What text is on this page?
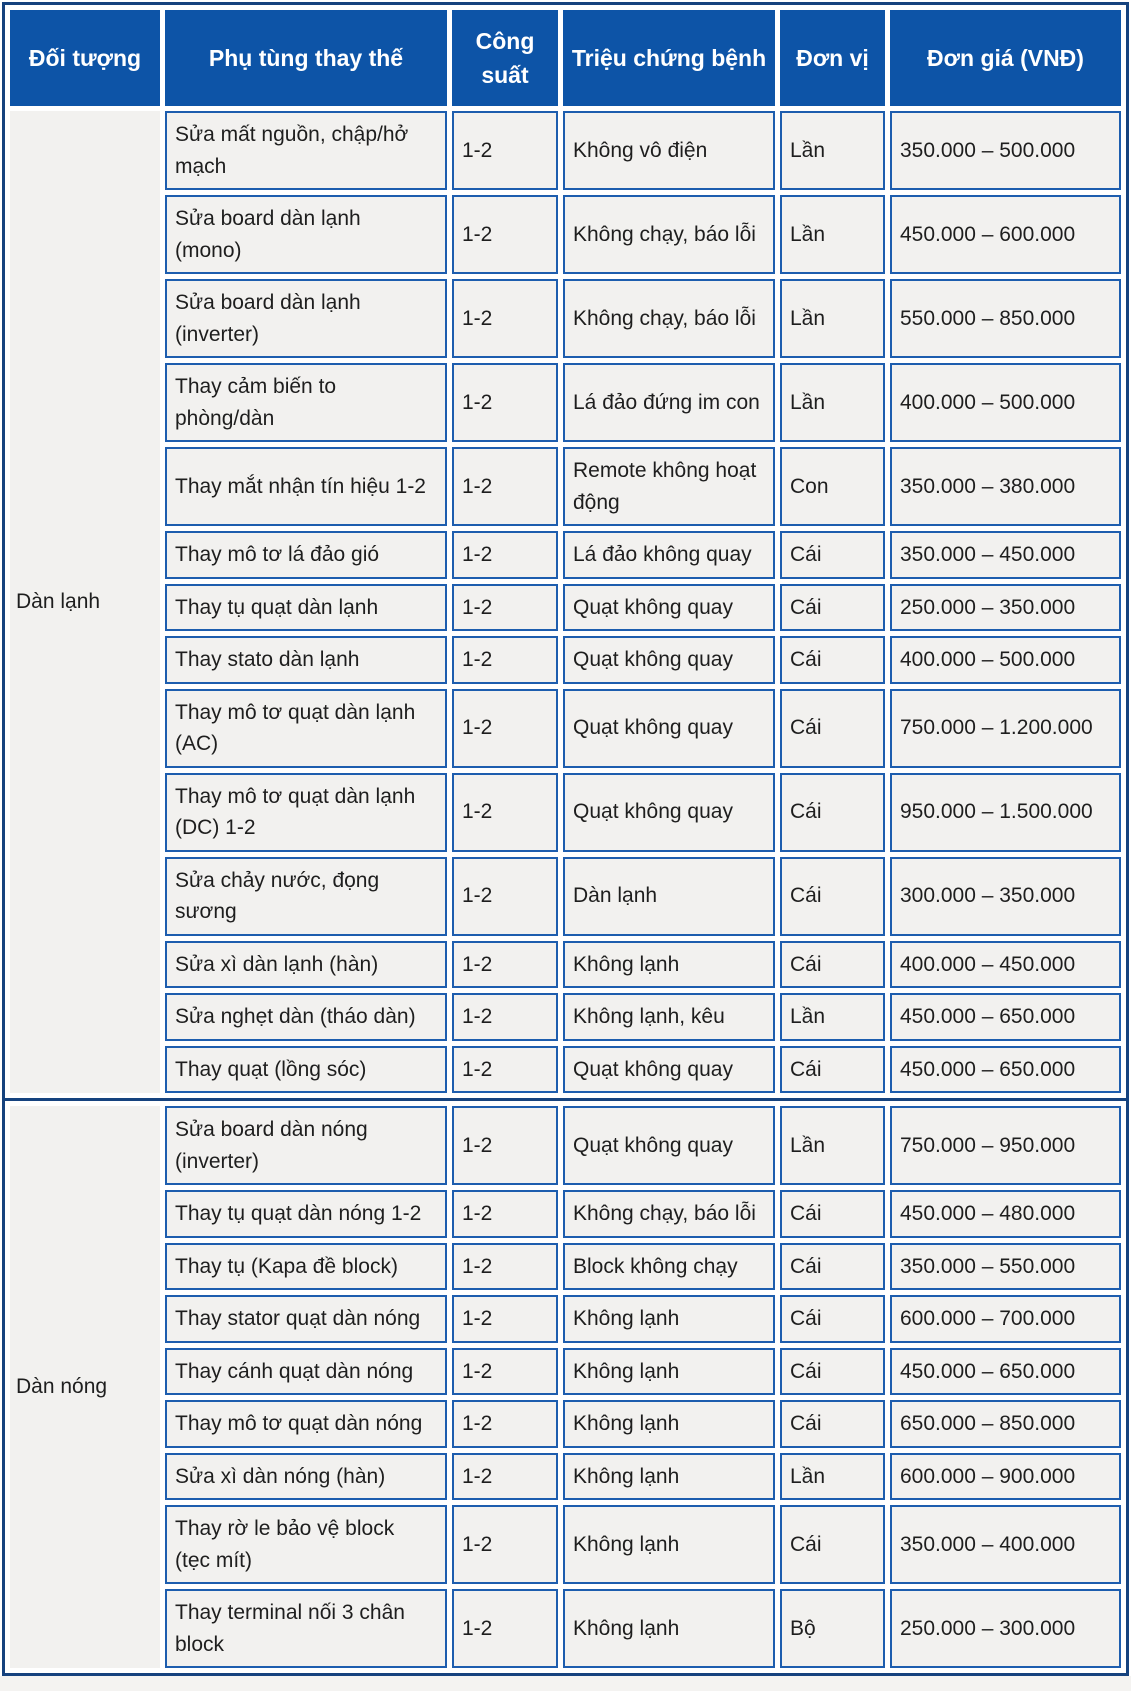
Đối tượng	Phụ tùng thay thế	Công suất	Triệu chứng bệnh	Đơn vị	Đơn giá (VNĐ)
Dàn lạnh	Sửa mất nguồn, chập/hở mạch	1-2	Không vô điện	Lần	350.000 – 500.000
	Sửa board dàn lạnh (mono)	1-2	Không chạy, báo lỗi	Lần	450.000 – 600.000
	Sửa board dàn lạnh (inverter)	1-2	Không chạy, báo lỗi	Lần	550.000 – 850.000
	Thay cảm biến to phòng/dàn	1-2	Lá đảo đứng im con	Lần	400.000 – 500.000
	Thay mắt nhận tín hiệu 1-2	1-2	Remote không hoạt động	Con	350.000 – 380.000
	Thay mô tơ lá đảo gió	1-2	Lá đảo không quay	Cái	350.000 – 450.000
	Thay tụ quạt dàn lạnh	1-2	Quạt không quay	Cái	250.000 – 350.000
	Thay stato dàn lạnh	1-2	Quạt không quay	Cái	400.000 – 500.000
	Thay mô tơ quạt dàn lạnh (AC)	1-2	Quạt không quay	Cái	750.000 – 1.200.000
	Thay mô tơ quạt dàn lạnh (DC) 1-2	1-2	Quạt không quay	Cái	950.000 – 1.500.000
	Sửa chảy nước, đọng sương	1-2	Dàn lạnh	Cái	300.000 – 350.000
	Sửa xì dàn lạnh (hàn)	1-2	Không lạnh	Cái	400.000 – 450.000
	Sửa nghẹt dàn (tháo dàn)	1-2	Không lạnh, kêu	Lần	450.000 – 650.000
	Thay quạt (lồng sóc)	1-2	Quạt không quay	Cái	450.000 – 650.000
Dàn nóng	Sửa board dàn nóng (inverter)	1-2	Quạt không quay	Lần	750.000 – 950.000
	Thay tụ quạt dàn nóng 1-2	1-2	Không chạy, báo lỗi	Cái	450.000 – 480.000
	Thay tụ (Kapa đề block)	1-2	Block không chạy	Cái	350.000 – 550.000
	Thay stator quạt dàn nóng	1-2	Không lạnh	Cái	600.000 – 700.000
	Thay cánh quạt dàn nóng	1-2	Không lạnh	Cái	450.000 – 650.000
	Thay mô tơ quạt dàn nóng	1-2	Không lạnh	Cái	650.000 – 850.000
	Sửa xì dàn nóng (hàn)	1-2	Không lạnh	Lần	600.000 – 900.000
	Thay rờ le bảo vệ block (tẹc mít)	1-2	Không lạnh	Cái	350.000 – 400.000
	Thay terminal nối 3 chân block	1-2	Không lạnh	Bộ	250.000 – 300.000
